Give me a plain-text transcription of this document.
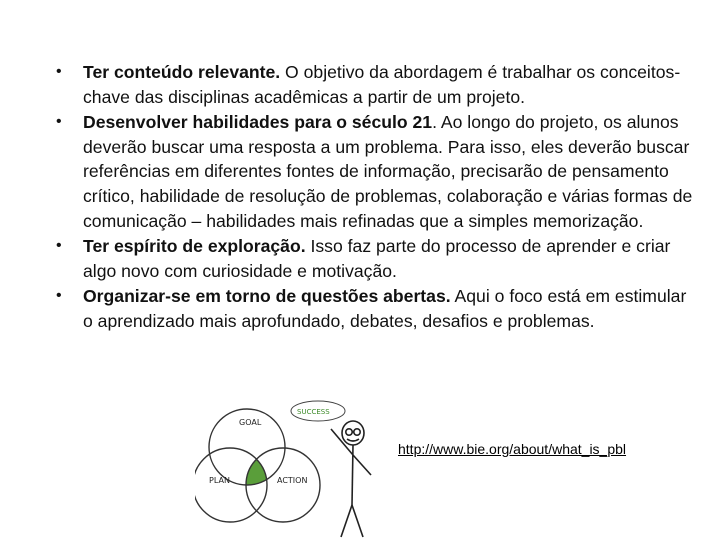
• Ter conteúdo relevante. O objetivo da abordagem é trabalhar os conceitos-chave das disciplinas acadêmicas a partir de um projeto.
• Desenvolver habilidades para o século 21. Ao longo do projeto, os alunos deverão buscar uma resposta a um problema. Para isso, eles deverão buscar referências em diferentes fontes de informação, precisarão de pensamento crítico, habilidade de resolução de problemas, colaboração e várias formas de comunicação – habilidades mais refinadas que a simples memorização.
• Ter espírito de exploração. Isso faz parte do processo de aprender e criar algo novo com curiosidade e motivação.
• Organizar-se em torno de questões abertas. Aqui o foco está em estimular o aprendizado mais aprofundado, debates, desafios e problemas.
GOAL
PLAN	ACTION
SUCCESS
http://www.bie.org/about/what_is_pbl
